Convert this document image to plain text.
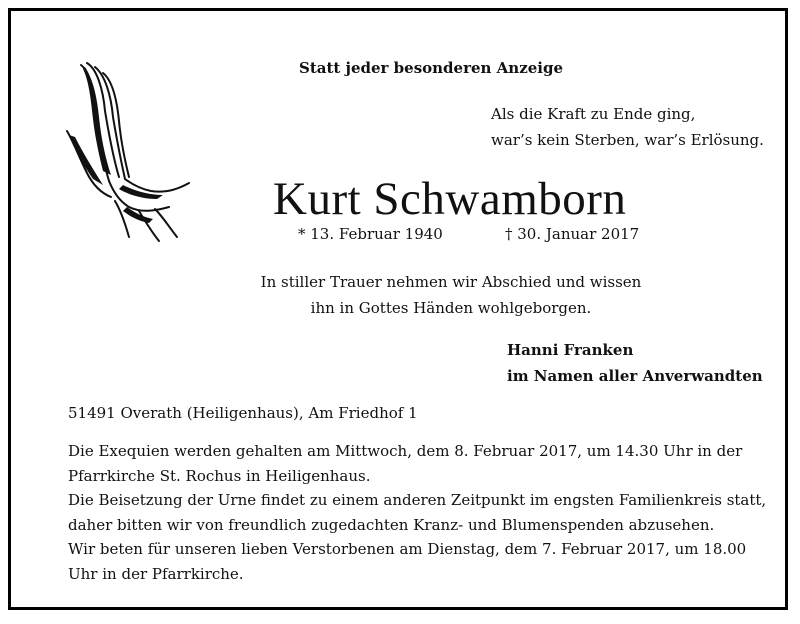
Statt jeder besonderen Anzeige
Als die Kraft zu Ende ging,
war’s kein Sterben, war’s Erlösung.
Kurt Schwamborn
* 13. Februar 1940	† 30. Januar 2017
In stiller Trauer nehmen wir Abschied und wissen
ihn in Gottes Händen wohlgeborgen.
Hanni Franken
im Namen aller Anverwandten
51491 Overath (Heiligenhaus), Am Friedhof 1
Die Exequien werden gehalten am Mittwoch, dem 8. Februar 2017, um 14.30 Uhr in der
Pfarrkirche St. Rochus in Heiligenhaus.
Die Beisetzung der Urne findet zu einem anderen Zeitpunkt im engsten Familienkreis statt,
daher bitten wir von freundlich zugedachten Kranz- und Blumenspenden abzusehen.
Wir beten für unseren lieben Verstorbenen am Dienstag, dem 7. Februar 2017, um 18.00
Uhr in der Pfarrkirche.
